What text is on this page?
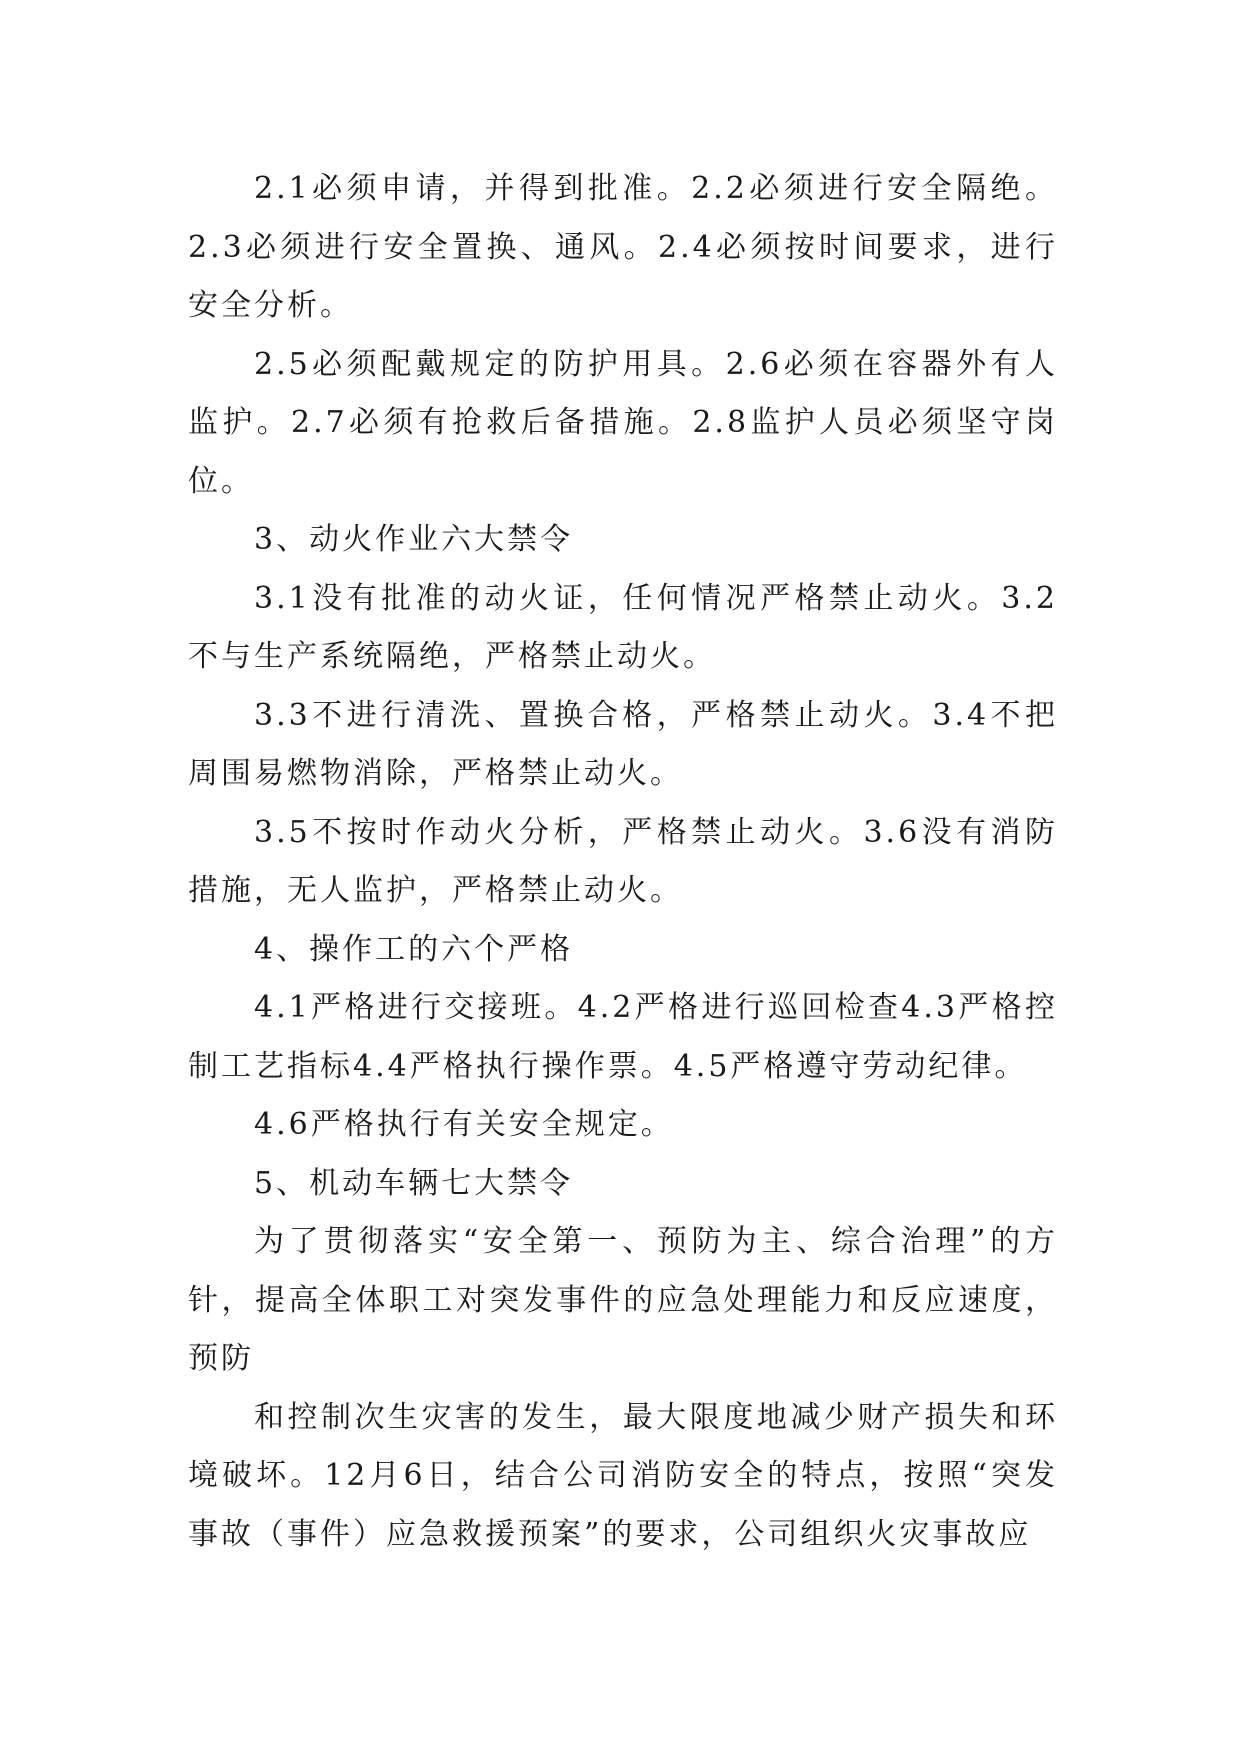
2.1必须申请，并得到批准。2.2必须进行安全隔绝。2.3必须进行安全置换、通风。2.4必须按时间要求，进行安全分析。

2.5必须配戴规定的防护用具。2.6必须在容器外有人监护。2.7必须有抢救后备措施。2.8监护人员必须坚守岗位。

3、动火作业六大禁令

3.1没有批准的动火证，任何情况严格禁止动火。3.2不与生产系统隔绝，严格禁止动火。

3.3不进行清洗、置换合格，严格禁止动火。3.4不把周围易燃物消除，严格禁止动火。

3.5不按时作动火分析，严格禁止动火。3.6没有消防措施，无人监护，严格禁止动火。

4、操作工的六个严格

4.1严格进行交接班。4.2严格进行巡回检查4.3严格控制工艺指标4.4严格执行操作票。4.5严格遵守劳动纪律。

4.6严格执行有关安全规定。

5、机动车辆七大禁令

为了贯彻落实“安全第一、预防为主、综合治理”的方针，提高全体职工对突发事件的应急处理能力和反应速度，预防

和控制次生灾害的发生，最大限度地减少财产损失和环境破坏。12月6日，结合公司消防安全的特点，按照“突发事故（事件）应急救援预案”的要求，公司组织火灾事故应
